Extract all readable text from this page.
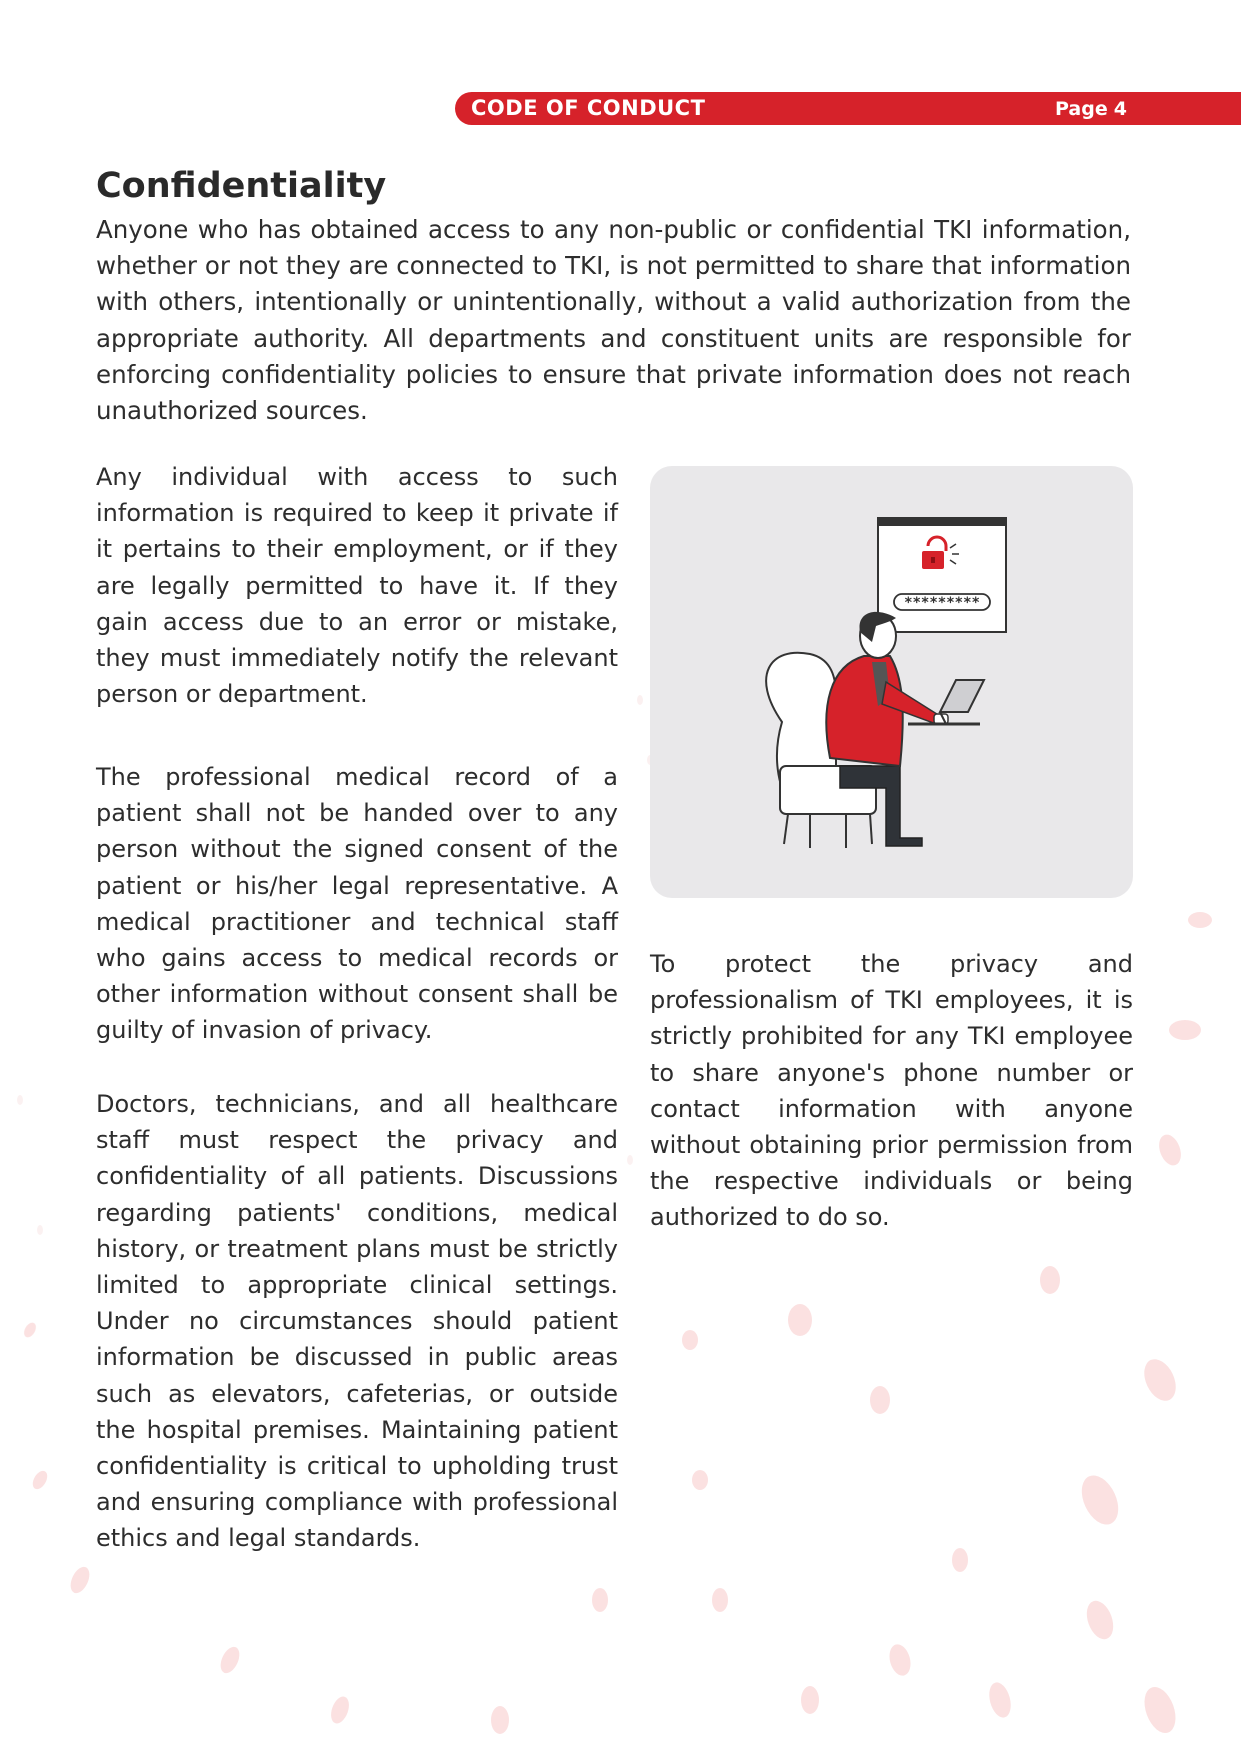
CODE OF CONDUCT	Page 4
Confidentiality

Anyone who has obtained access to any non-public or confidential TKI information, whether or not they are connected to TKI, is not permitted to share that information with others, intentionally or unintentionally, without a valid authorization from the appropriate authority. All departments and constituent units are responsible for enforcing confidentiality policies to ensure that private information does not reach unauthorized sources.

Any individual with access to such information is required to keep it private if it pertains to their employment, or if they are legally permitted to have it. If they gain access due to an error or mistake, they must immediately notify the relevant person or department.

The professional medical record of a patient shall not be handed over to any person without the signed consent of the patient or his/her legal representative. A medical practitioner and technical staff who gains access to medical records or other information without consent shall be guilty of invasion of privacy.

Doctors, technicians, and all healthcare staff must respect the privacy and confidentiality of all patients. Discussions regarding patients' conditions, medical history, or treatment plans must be strictly limited to appropriate clinical settings. Under no circumstances should patient information be discussed in public areas such as elevators, cafeterias, or outside the hospital premises. Maintaining patient confidentiality is critical to upholding trust and ensuring compliance with professional ethics and legal standards.

*********

To protect the privacy and professionalism of TKI employees, it is strictly prohibited for any TKI employee to share anyone's phone number or contact information with anyone without obtaining prior permission from the respective individuals or being authorized to do so.
